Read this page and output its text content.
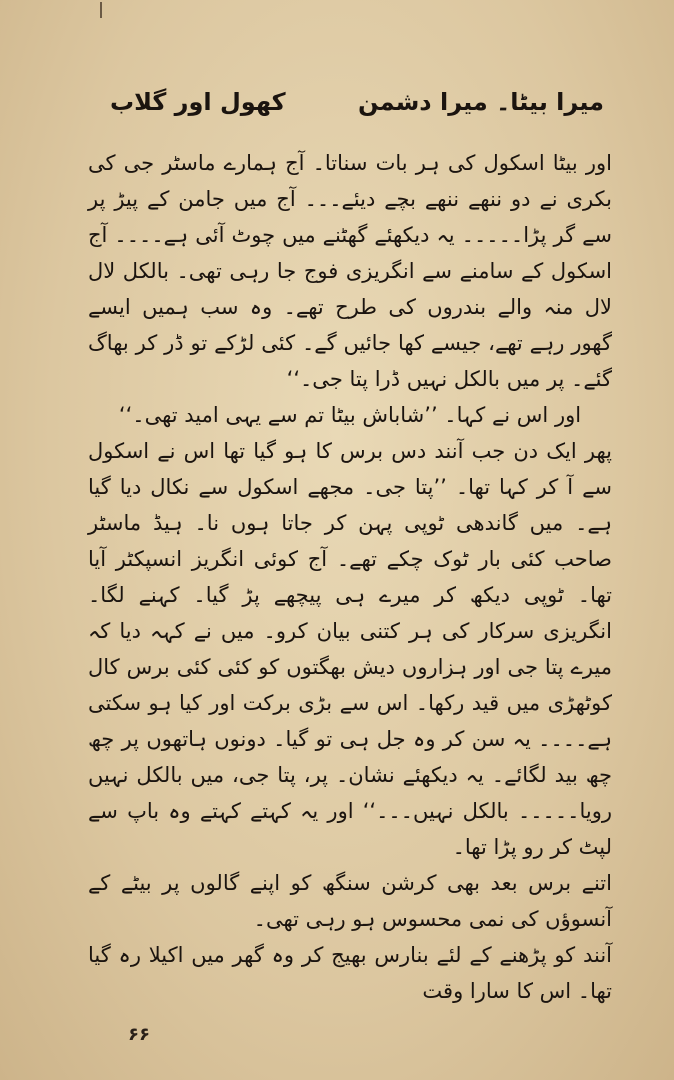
میرا بیٹا۔ میرا دشمن
کھول اور گلاب

اور بیٹا اسکول کی ہر بات سناتا۔ آج ہمارے ماسٹر جی کی بکری نے دو ننھے ننھے بچے دیئے۔۔۔ آج میں جامن کے پیڑ پر سے گر پڑا۔۔۔۔۔ یہ دیکھئے گھٹنے میں چوٹ آئی ہے۔۔۔۔ آج اسکول کے سامنے سے انگریزی فوج جا رہی تھی۔ بالکل لال لال منہ والے بندروں کی طرح تھے۔ وہ سب ہمیں ایسے گھور رہے تھے، جیسے کھا جائیں گے۔ کئی لڑکے تو ڈر کر بھاگ گئے۔ پر میں بالکل نہیں ڈرا پتا جی۔‘‘

اور اس نے کہا۔ ’’شاباش بیٹا تم سے یہی امید تھی۔‘‘

پھر ایک دن جب آنند دس برس کا ہو گیا تھا اس نے اسکول سے آ کر کہا تھا۔ ’’پتا جی۔ مجھے اسکول سے نکال دیا گیا ہے۔ میں گاندھی ٹوپی پہن کر جاتا ہوں نا۔ ہیڈ ماسٹر صاحب کئی بار ٹوک چکے تھے۔ آج کوئی انگریز انسپکٹر آیا تھا۔ ٹوپی دیکھ کر میرے ہی پیچھے پڑ گیا۔ کہنے لگا۔ انگریزی سرکار کی ہر کتنی بیان کرو۔ میں نے کہہ دیا کہ میرے پتا جی اور ہزاروں دیش بھگتوں کو کئی کئی برس کال کوٹھڑی میں قید رکھا۔ اس سے بڑی برکت اور کیا ہو سکتی ہے۔۔۔۔ یہ سن کر وہ جل ہی تو گیا۔ دونوں ہاتھوں پر چھ چھ بید لگائے۔ یہ دیکھئے نشان۔ پر، پتا جی، میں بالکل نہیں رویا۔۔۔۔۔ بالکل نہیں۔۔۔‘‘ اور یہ کہتے کہتے وہ باپ سے لپٹ کر رو پڑا تھا۔

اتنے برس بعد بھی کرشن سنگھ کو اپنے گالوں پر بیٹے کے آنسوؤں کی نمی محسوس ہو رہی تھی۔

آنند کو پڑھنے کے لئے بنارس بھیج کر وہ گھر میں اکیلا رہ گیا تھا۔ اس کا سارا وقت

۶۶
